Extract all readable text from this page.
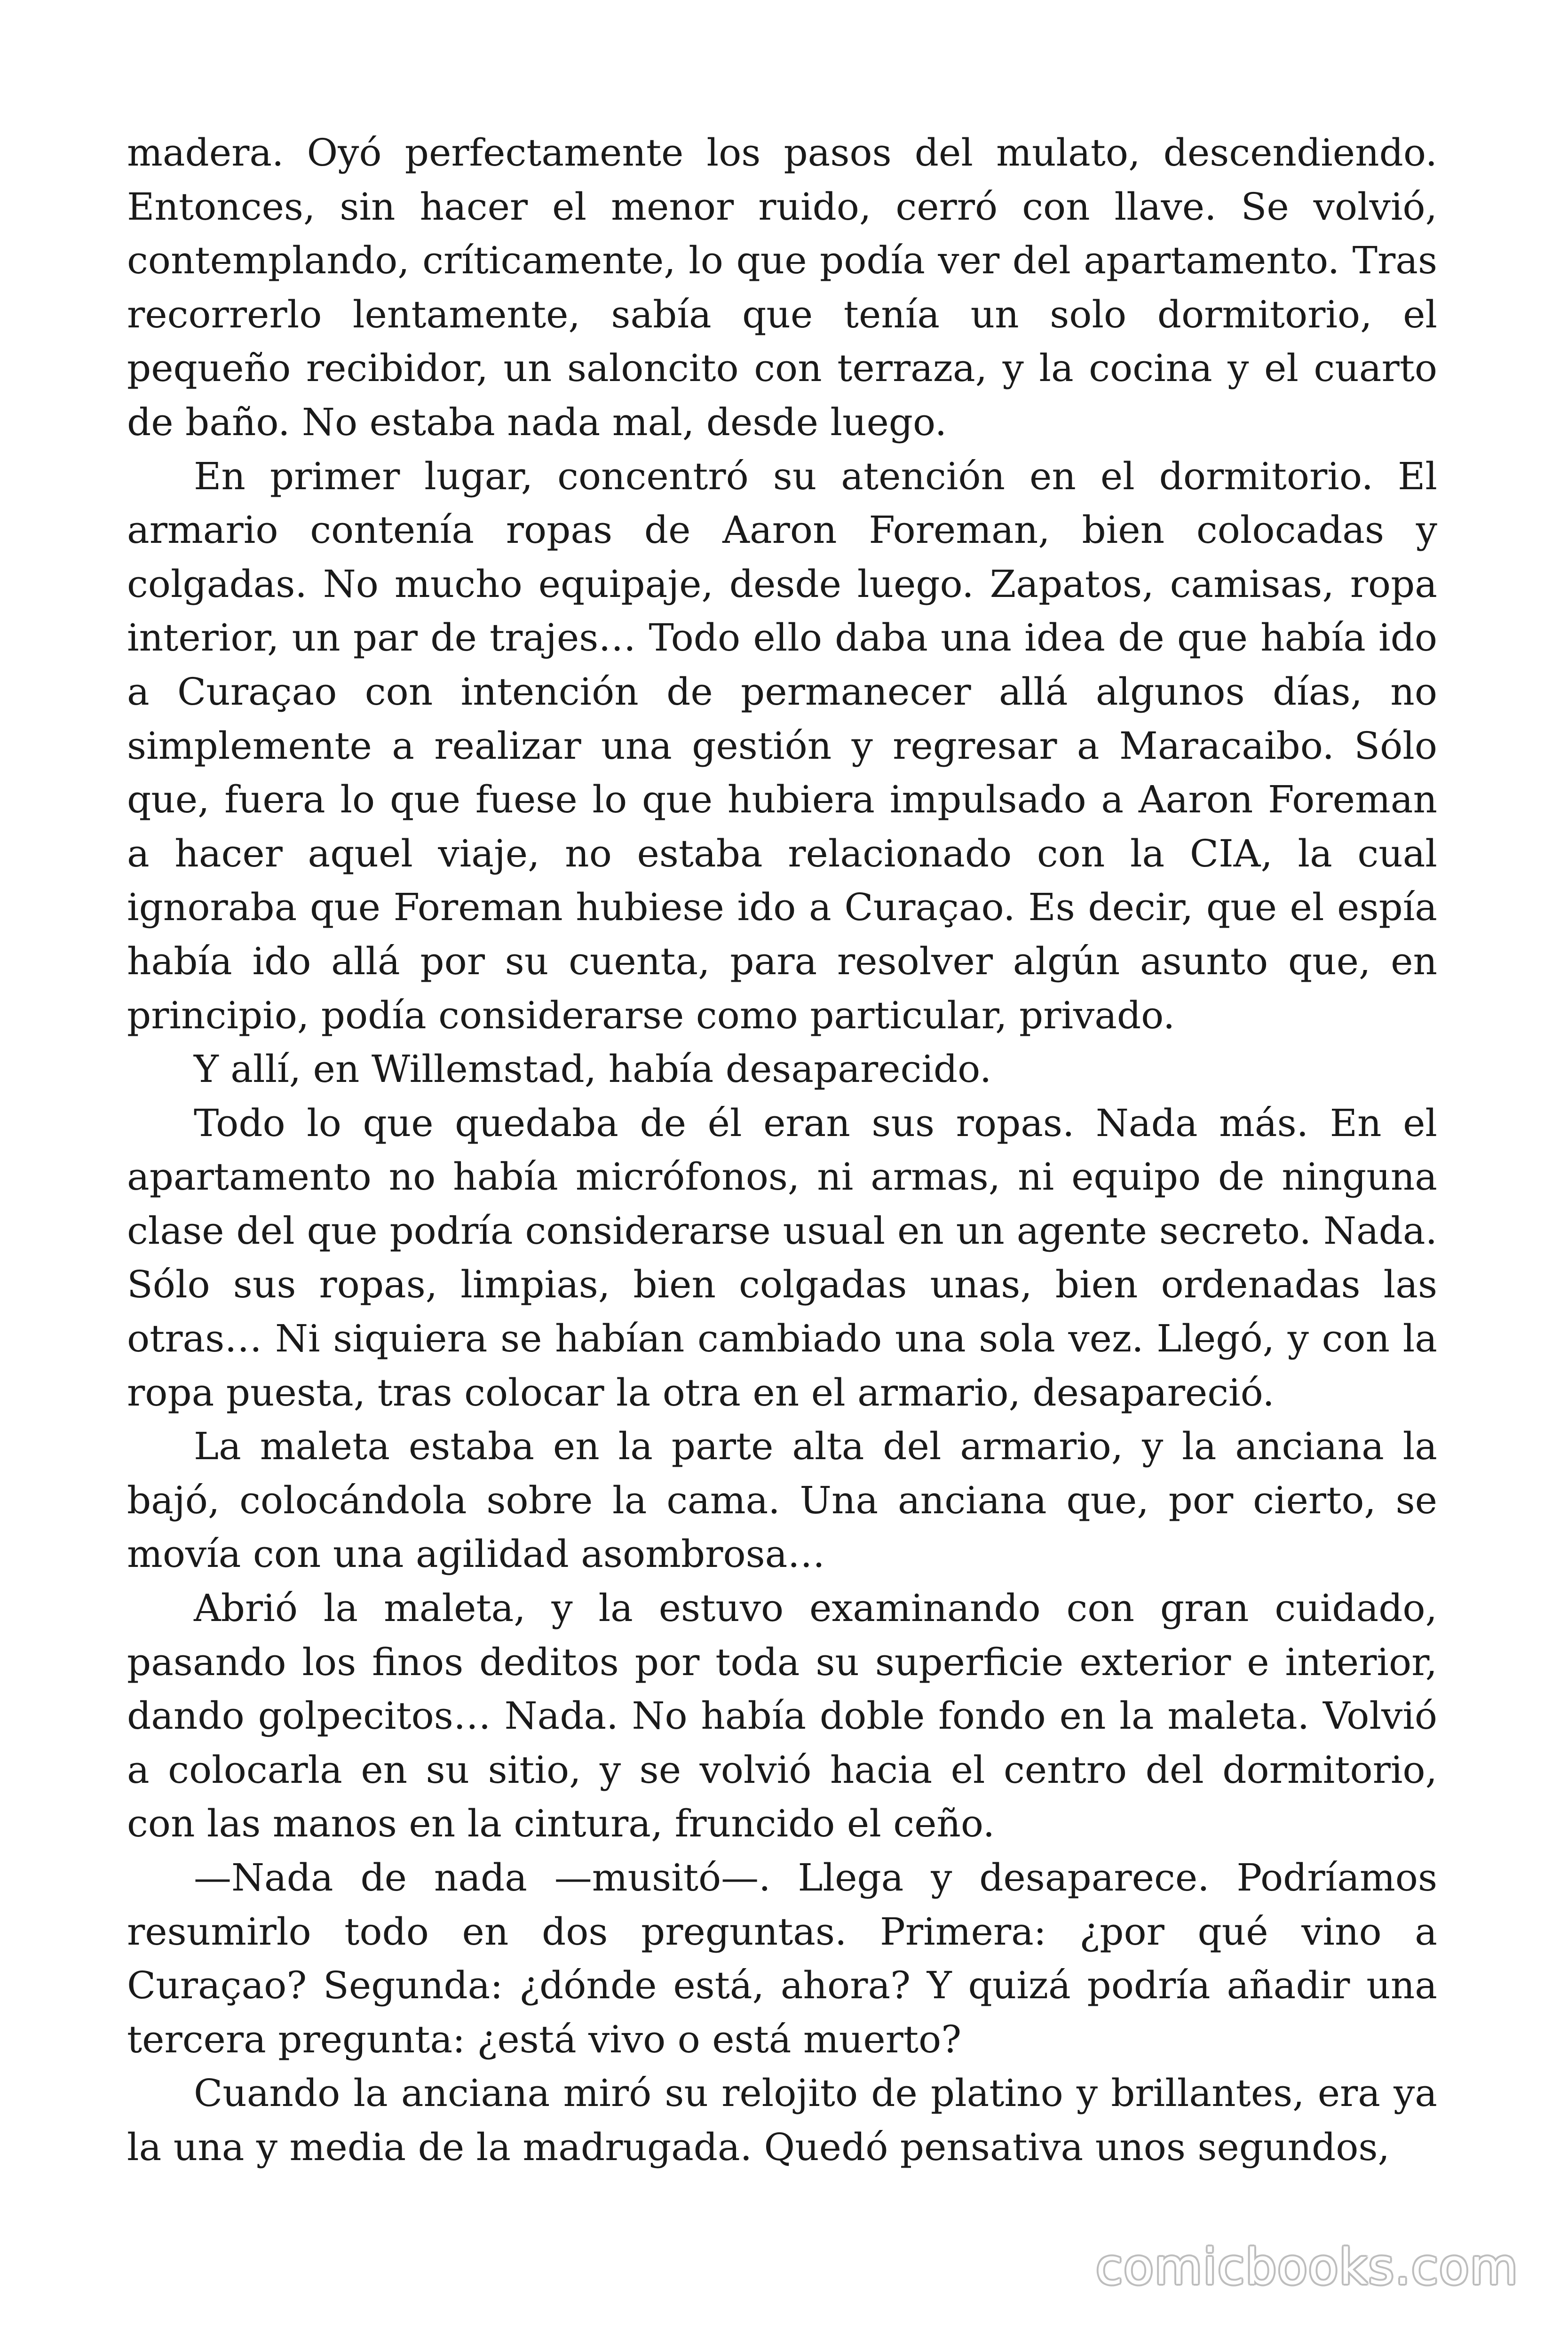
madera. Oyó perfectamente los pasos del mulato, descendiendo. Entonces, sin hacer el menor ruido, cerró con llave. Se volvió, contemplando, críticamente, lo que podía ver del apartamento. Tras recorrerlo lentamente, sabía que tenía un solo dormitorio, el pequeño recibidor, un saloncito con terraza, y la cocina y el cuarto de baño. No estaba nada mal, desde luego.

En primer lugar, concentró su atención en el dormitorio. El armario contenía ropas de Aaron Foreman, bien colocadas y colgadas. No mucho equipaje, desde luego. Zapatos, camisas, ropa interior, un par de trajes… Todo ello daba una idea de que había ido a Curaçao con intención de permanecer allá algunos días, no simplemente a realizar una gestión y regresar a Maracaibo. Sólo que, fuera lo que fuese lo que hubiera impulsado a Aaron Foreman a hacer aquel viaje, no estaba relacionado con la CIA, la cual ignoraba que Foreman hubiese ido a Curaçao. Es decir, que el espía había ido allá por su cuenta, para resolver algún asunto que, en principio, podía considerarse como particular, privado.

Y allí, en Willemstad, había desaparecido.

Todo lo que quedaba de él eran sus ropas. Nada más. En el apartamento no había micrófonos, ni armas, ni equipo de ninguna clase del que podría considerarse usual en un agente secreto. Nada. Sólo sus ropas, limpias, bien colgadas unas, bien ordenadas las otras… Ni siquiera se habían cambiado una sola vez. Llegó, y con la ropa puesta, tras colocar la otra en el armario, desapareció.

La maleta estaba en la parte alta del armario, y la anciana la bajó, colocándola sobre la cama. Una anciana que, por cierto, se movía con una agilidad asombrosa…

Abrió la maleta, y la estuvo examinando con gran cuidado, pasando los finos deditos por toda su superficie exterior e interior, dando golpecitos… Nada. No había doble fondo en la maleta. Volvió a colocarla en su sitio, y se volvió hacia el centro del dormitorio, con las manos en la cintura, fruncido el ceño.

—Nada de nada —musitó—. Llega y desaparece. Podríamos resumirlo todo en dos preguntas. Primera: ¿por qué vino a Curaçao? Segunda: ¿dónde está, ahora? Y quizá podría añadir una tercera pregunta: ¿está vivo o está muerto?

Cuando la anciana miró su relojito de platino y brillantes, era ya la una y media de la madrugada. Quedó pensativa unos segundos,

comicbooks.com
